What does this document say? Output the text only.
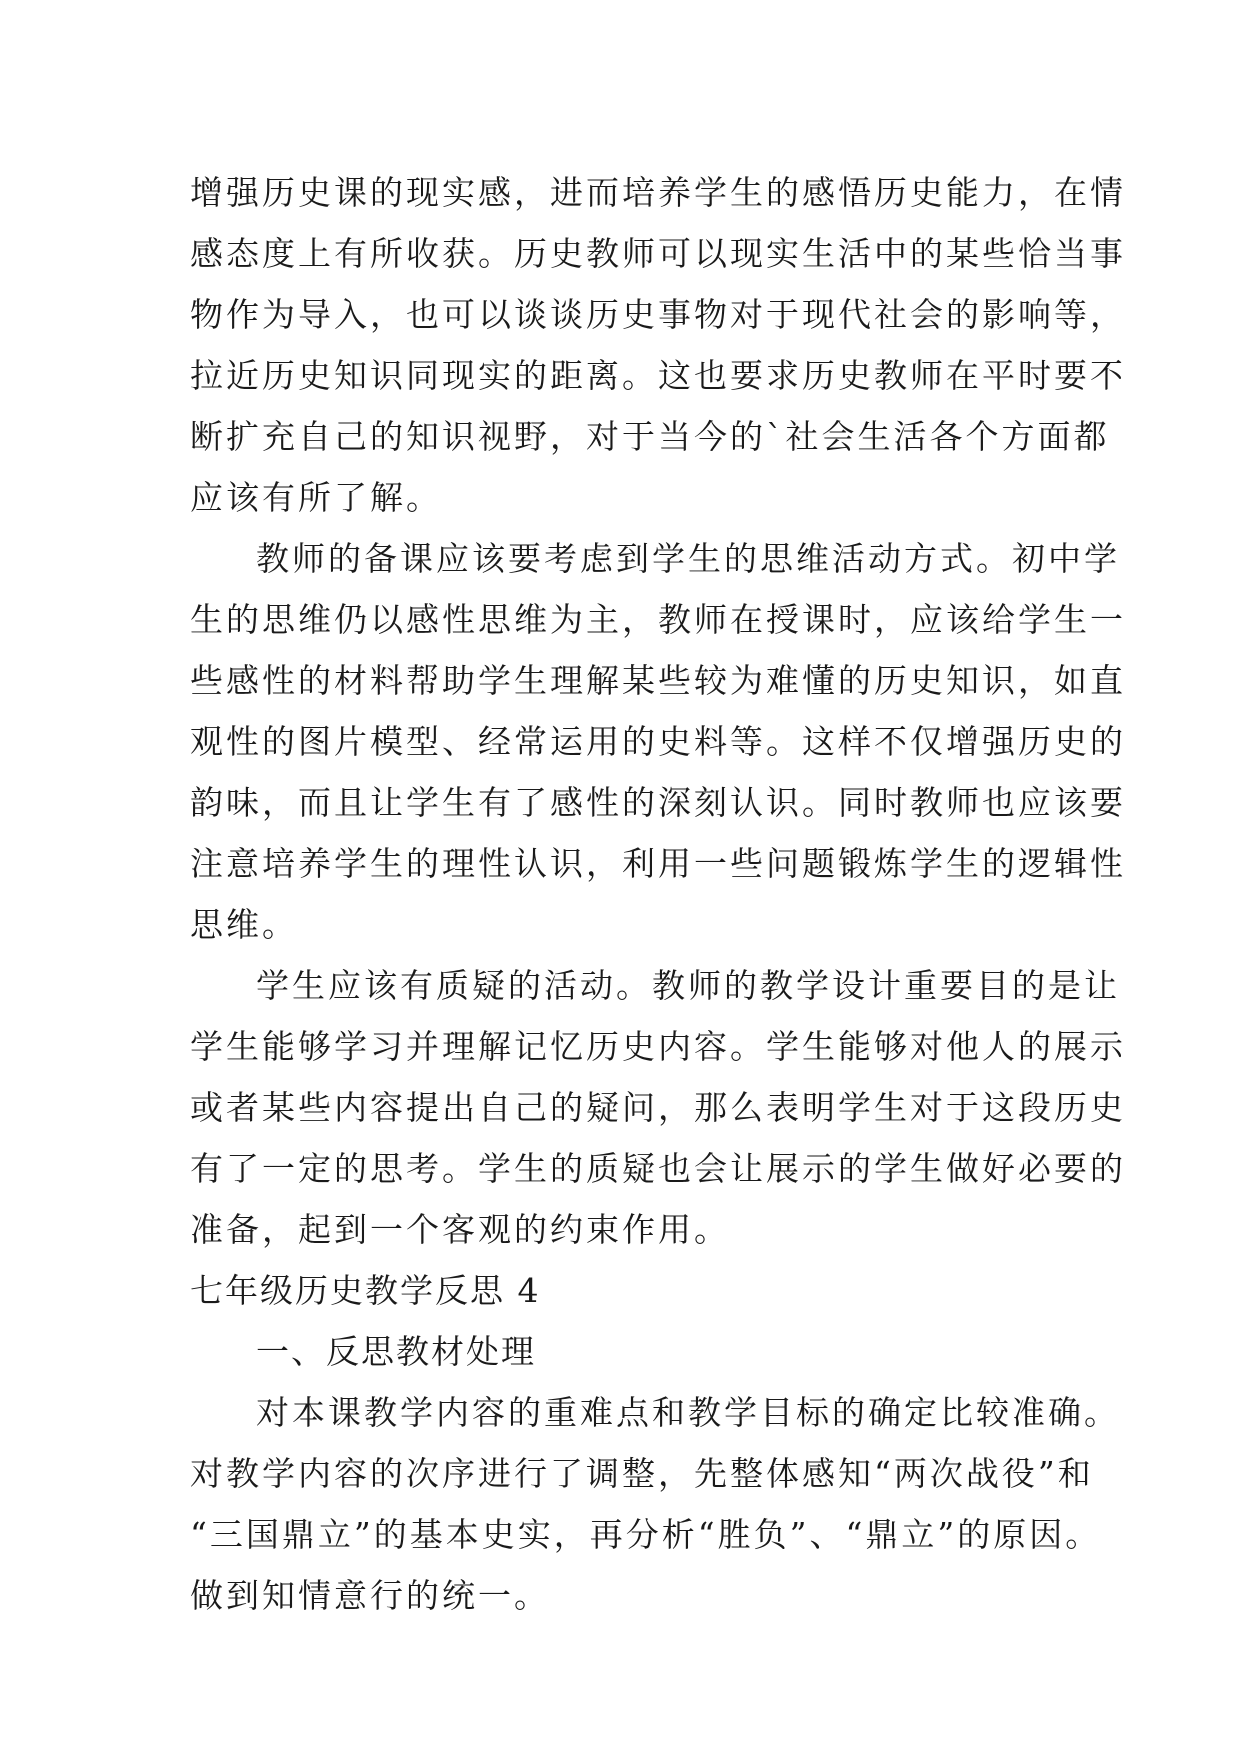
增强历史课的现实感，进而培养学生的感悟历史能力，在情
感态度上有所收获。历史教师可以现实生活中的某些恰当事
物作为导入，也可以谈谈历史事物对于现代社会的影响等，
拉近历史知识同现实的距离。这也要求历史教师在平时要不
断扩充自己的知识视野，对于当今的`社会生活各个方面都
应该有所了解。
教师的备课应该要考虑到学生的思维活动方式。初中学
生的思维仍以感性思维为主，教师在授课时，应该给学生一
些感性的材料帮助学生理解某些较为难懂的历史知识，如直
观性的图片模型、经常运用的史料等。这样不仅增强历史的
韵味，而且让学生有了感性的深刻认识。同时教师也应该要
注意培养学生的理性认识，利用一些问题锻炼学生的逻辑性
思维。
学生应该有质疑的活动。教师的教学设计重要目的是让
学生能够学习并理解记忆历史内容。学生能够对他人的展示
或者某些内容提出自己的疑问，那么表明学生对于这段历史
有了一定的思考。学生的质疑也会让展示的学生做好必要的
准备，起到一个客观的约束作用。
七年级历史教学反思 4
一、反思教材处理
对本课教学内容的重难点和教学目标的确定比较准确。
对教学内容的次序进行了调整，先整体感知“两次战役”和
“三国鼎立”的基本史实，再分析“胜负”、“鼎立”的原因。
做到知情意行的统一。
